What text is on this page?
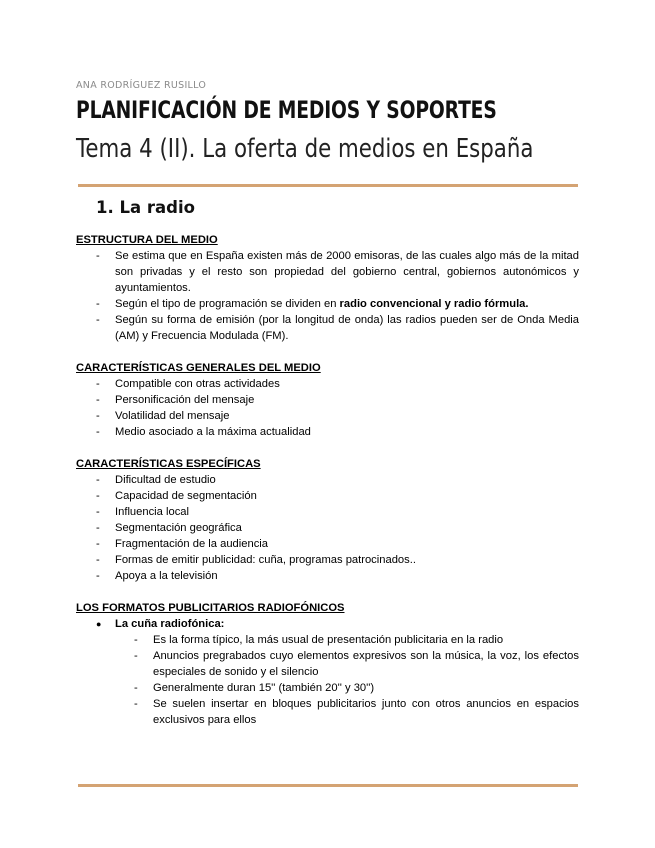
ANA RODRÍGUEZ RUSILLO
PLANIFICACIÓN DE MEDIOS Y SOPORTES
Tema 4 (II). La oferta de medios en España
1. La radio

ESTRUCTURA DEL MEDIO

- Se estima que en España existen más de 2000 emisoras, de las cuales algo más de la mitad son privadas y el resto son propiedad del gobierno central, gobiernos autonómicos y ayuntamientos.
- Según el tipo de programación se dividen en radio convencional y radio fórmula.
- Según su forma de emisión (por la longitud de onda) las radios pueden ser de Onda Media (AM) y Frecuencia Modulada (FM).

CARACTERÍSTICAS GENERALES DEL MEDIO

- Compatible con otras actividades
- Personificación del mensaje
- Volatilidad del mensaje
- Medio asociado a la máxima actualidad

CARACTERÍSTICAS ESPECÍFICAS

- Dificultad de estudio
- Capacidad de segmentación
- Influencia local
- Segmentación geográfica
- Fragmentación de la audiencia
- Formas de emitir publicidad: cuña, programas patrocinados..
- Apoya a la televisión

LOS FORMATOS PUBLICITARIOS RADIOFÓNICOS

● La cuña radiofónica:
- Es la forma típico, la más usual de presentación publicitaria en la radio
- Anuncios pregrabados cuyo elementos expresivos son la música, la voz, los efectos especiales de sonido y el silencio
- Generalmente duran 15'' (también 20'' y 30'')
- Se suelen insertar en bloques publicitarios junto con otros anuncios en espacios exclusivos para ellos
